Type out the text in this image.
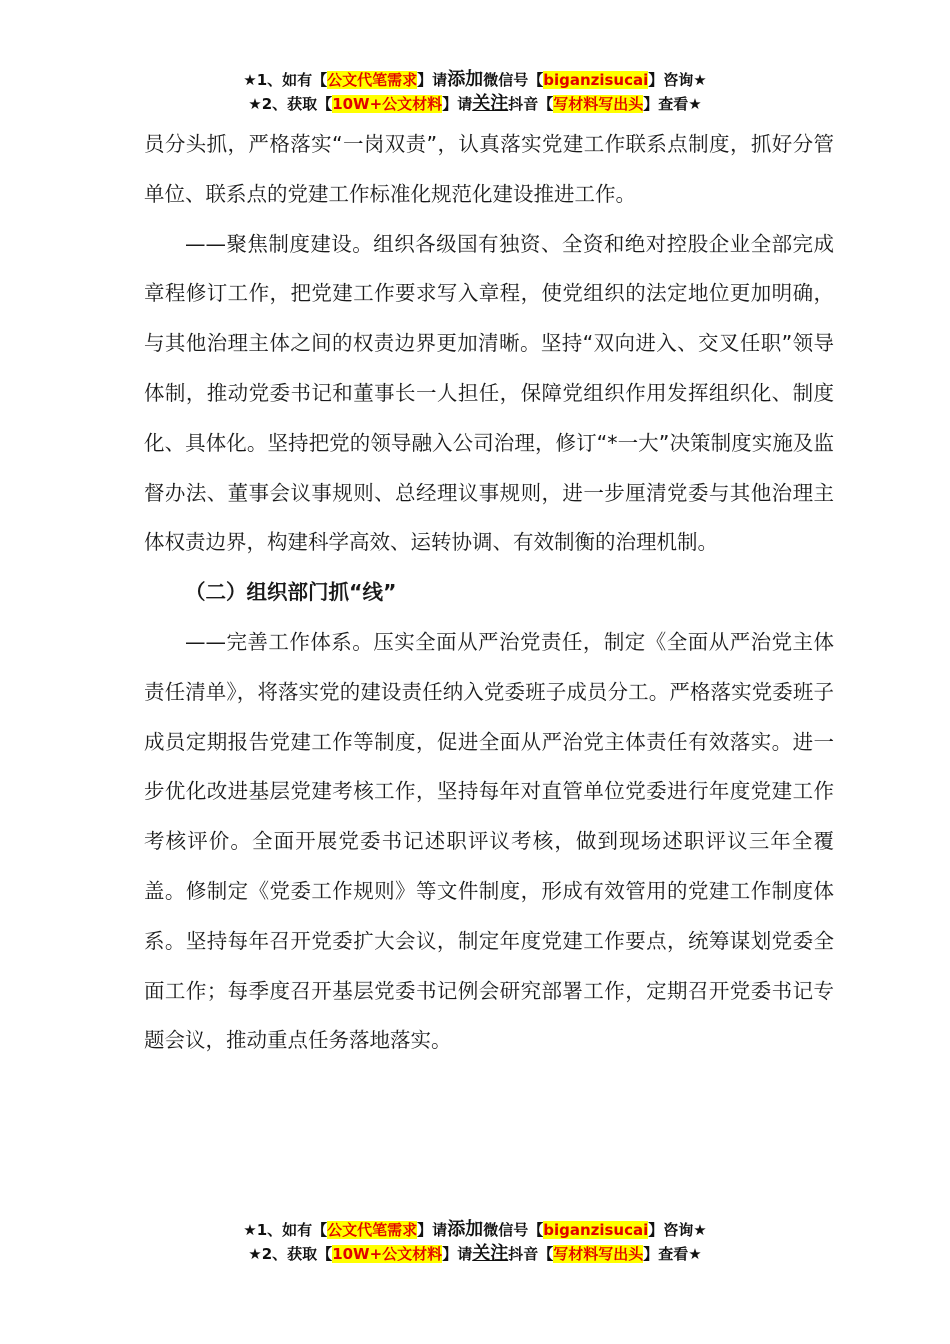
★1、如有【公文代笔需求】请添加微信号【biganzisucai】咨询★
★2、获取【10W+公文材料】请关注抖音【写材料写出头】查看★

员分头抓，严格落实“一岗双责”，认真落实党建工作联系点制度，抓好分管单位、联系点的党建工作标准化规范化建设推进工作。

——聚焦制度建设。组织各级国有独资、全资和绝对控股企业全部完成章程修订工作，把党建工作要求写入章程，使党组织的法定地位更加明确，与其他治理主体之间的权责边界更加清晰。坚持“双向进入、交叉任职”领导体制，推动党委书记和董事长一人担任，保障党组织作用发挥组织化、制度化、具体化。坚持把党的领导融入公司治理，修订“*一大”决策制度实施及监督办法、董事会议事规则、总经理议事规则，进一步厘清党委与其他治理主体权责边界，构建科学高效、运转协调、有效制衡的治理机制。

（二）组织部门抓“线”

——完善工作体系。压实全面从严治党责任，制定《全面从严治党主体责任清单》，将落实党的建设责任纳入党委班子成员分工。严格落实党委班子成员定期报告党建工作等制度，促进全面从严治党主体责任有效落实。进一步优化改进基层党建考核工作，坚持每年对直管单位党委进行年度党建工作考核评价。全面开展党委书记述职评议考核，做到现场述职评议三年全覆盖。修制定《党委工作规则》等文件制度，形成有效管用的党建工作制度体系。坚持每年召开党委扩大会议，制定年度党建工作要点，统筹谋划党委全面工作；每季度召开基层党委书记例会研究部署工作，定期召开党委书记专题会议，推动重点任务落地落实。

★1、如有【公文代笔需求】请添加微信号【biganzisucai】咨询★
★2、获取【10W+公文材料】请关注抖音【写材料写出头】查看★
